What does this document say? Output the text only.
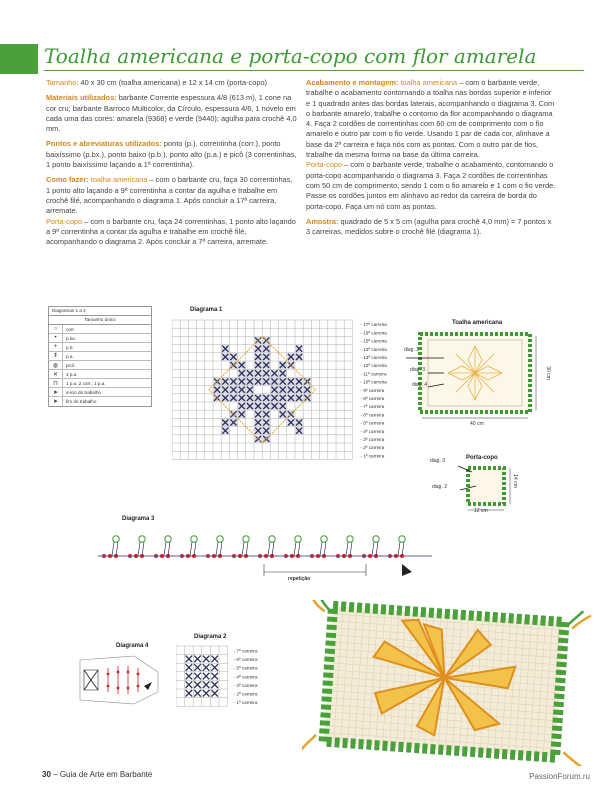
Toalha americana e porta-copo com flor amarela

Tamanho: 40 x 30 cm (toalha americana) e 12 x 14 cm (porta-copo)

Materiais utilizados: barbante Corrente espessura 4/8 (613 m), 1 cone na cor cru; barbante Barroco Multicolor, da Círculo, espessura 4/6, 1 novelo em cada uma das cores: amarela (9368) e verde (9440); agulha para crochê 4,0 mm.

Pontos e abreviaturas utilizados: ponto (p.), correntinha (corr.), ponto baixíssimo (p.bx.), ponto baixo (p.b.), ponto alto (p.a.) e picô (3 correntinhas, 1 ponto baixíssimo laçando a 1ª correntinha).

Como fazer: toalha americana – com o barbante cru, faça 30 correntinhas, 1 ponto alto laçando a 9ª correntinha a contar da agulha e trabalhe em crochê filé, acompanhando o diagrama 1. Após concluir a 17ª carreira, arremate.

Porta-copo – com o barbante cru, faça 24 correntinhas, 1 ponto alto laçando a 9ª correntinha a contar da agulha e trabalhe em crochê filé, acompanhando o diagrama 2. Após concluir a 7ª carreira, arremate.

Acabamento e montagem: toalha americana – com o barbante verde, trabalhe o acabamento contornando a toalha nas bordas superior e inferior e 1 quadrado antes das bordas laterais, acompanhando o diagrama 3. Com o barbante amarelo, trabalhe o contorno da flor acompanhando o diagrama 4. Faça 2 cordões de correntinhas com 60 cm de comprimento com o fio amarelo e outro par com o fio verde. Usando 1 par de cada cor, alinhave a base da 2ª carreira e faça nós com as pontas. Com o outro par de fios, trabalhe da mesma forma na base da última carreira.

Porta-copo – com o barbante verde, trabalhe o acabamento, contornando o porta-copo acompanhando o diagrama 3. Faça 2 cordões de correntinhas com 50 cm de comprimento, sendo 1 com o fio amarelo e 1 com o fio verde. Passe os cordões juntos em alinhavo ao redor da carreira de borda do porta-copo. Faça um nó com as pontas.

Amostra: quadrado de 5 x 5 cm (agulha para crochê 4,0 mm) = 7 pontos x 3 carreiras, medidos sobre o crochê filé (diagrama 1).

Diagramas 1 a 4
Tamanho único
○	corr.
•	p.bx.
+	p.b.
ǂ	p.a.
◍	picô
✕	4 p.a.
⊓	1 p.a.,2 corr., 1 p.a.
➤	início do trabalho
➤	fim do trabalho
Diagrama 1
- 17ª carreira
- 16ª carreira
- 15ª carreira
- 14ª carreira
- 13ª carreira
- 12ª carreira
- 11ª carreira
- 10ª carreira
- 9ª carreira
- 8ª carreira
- 7ª carreira
- 6ª carreira
- 5ª carreira
- 4ª carreira
- 3ª carreira
- 2ª carreira
- 1ª carreira
Toalha americana
diag. 1
diag. 3
diag. 4
40 cm
30 cm
Porta-copo
diag. 3
diag. 2
12 cm
14 cm
Diagrama 3
+	+	+	+	+	+	+	+	+	+	+	+
repetição
Diagrama 4
Diagrama 2
- 7ª carreira
- 6ª carreira
- 5ª carreira
- 4ª carreira
- 3ª carreira
- 2ª carreira
- 1ª carreira
30 – Guia de Arte em Barbante	PassionForum.ru
